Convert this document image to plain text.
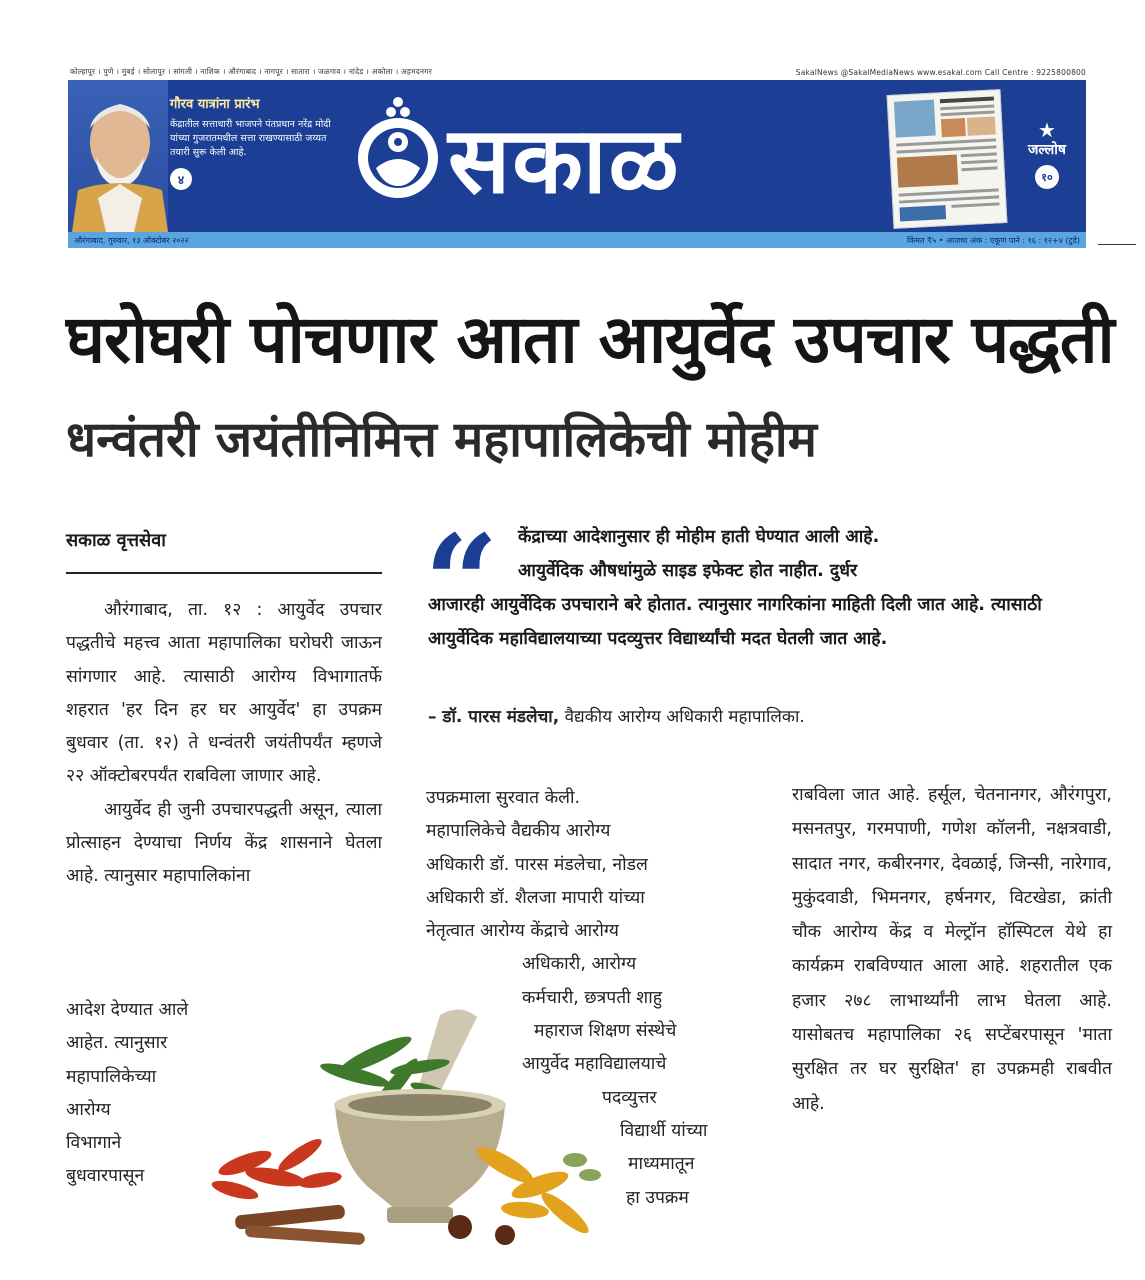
कोल्हापूर । पुणे । मुंबई । सोलापूर । सांगली । नाशिक । औरंगाबाद । नागपूर । सातारा । जळगाव । नांदेड । अकोला । अहमदनगर	SakalNews @SakalMediaNews www.esakal.com Call Centre : 9225800800
गौरव यात्रांना प्रारंभ
केंद्रातील सत्ताधारी भाजपने पंतप्रधान नरेंद्र मोदी यांच्या गुजरातमधील सत्ता राखण्यासाठी जय्यत तयारी सुरू केली आहे.
४	सकाळ	★
जल्लोष
१०
औरंगाबाद, गुरुवार, १३ ऑक्टोबर २०२२	किंमत ₹५ • आजचा अंक : एकूण पाने : १६ : १२+४ (टुडे)
घरोघरी पोचणार आता आयुर्वेद उपचार पद्धती
धन्वंतरी जयंतीनिमित्त महापालिकेची मोहीम
सकाळ वृत्तसेवा

औरंगाबाद, ता. १२ : आयुर्वेद उपचार पद्धतीचे महत्त्व आता महापालिका घरोघरी जाऊन सांगणार आहे. त्यासाठी आरोग्य विभागातर्फे शहरात 'हर दिन हर घर आयुर्वेद' हा उपक्रम बुधवार (ता. १२) ते धन्वंतरी जयंतीपर्यंत म्हणजे २२ ऑक्टोबरपर्यंत राबविला जाणार आहे.

आयुर्वेद ही जुनी उपचारपद्धती असून, त्याला प्रोत्साहन देण्याचा निर्णय केंद्र शासनाने घेतला आहे. त्यानुसार महापालिकांना

आदेश देण्यात आले
आहेत. त्यानुसार
महापालिकेच्या
आरोग्य
विभागाने
बुधवारपासून
“	केंद्राच्या आदेशानुसार ही मोहीम हाती घेण्यात आली आहे.
आयुर्वेदिक औषधांमुळे साइड इफेक्ट होत नाहीत. दुर्धर
आजारही आयुर्वेदिक उपचाराने बरे होतात. त्यानुसार नागरिकांना माहिती दिली जात आहे. त्यासाठी आयुर्वेदिक महाविद्यालयाच्या पदव्युत्तर विद्यार्थ्यांची मदत घेतली जात आहे.
– डॉ. पारस मंडलेचा, वैद्यकीय आरोग्य अधिकारी महापालिका.
उपक्रमाला सुरवात केली.
महापालिकेचे वैद्यकीय आरोग्य
अधिकारी डॉ. पारस मंडलेचा, नोडल
अधिकारी डॉ. शैलजा मापारी यांच्या
नेतृत्वात आरोग्य केंद्राचे आरोग्य
अधिकारी, आरोग्य
कर्मचारी, छत्रपती शाहु
महाराज शिक्षण संस्थेचे
आयुर्वेद महाविद्यालयाचे
पदव्युत्तर
विद्यार्थी यांच्या
माध्यमातून
हा उपक्रम

राबविला जात आहे. हर्सूल, चेतनानगर, औरंगपुरा, मसनतपुर, गरमपाणी, गणेश कॉलनी, नक्षत्रवाडी, सादात नगर, कबीरनगर, देवळाई, जिन्सी, नारेगाव, मुकुंदवाडी, भिमनगर, हर्षनगर, विटखेडा, क्रांती चौक आरोग्य केंद्र व मेल्ट्रॉन हॉस्पिटल येथे हा कार्यक्रम राबविण्यात आला आहे. शहरातील एक हजार २७८ लाभार्थ्यांनी लाभ घेतला आहे. यासोबतच महापालिका २६ सप्टेंबरपासून 'माता सुरक्षित तर घर सुरक्षित' हा उपक्रमही राबवीत आहे.
